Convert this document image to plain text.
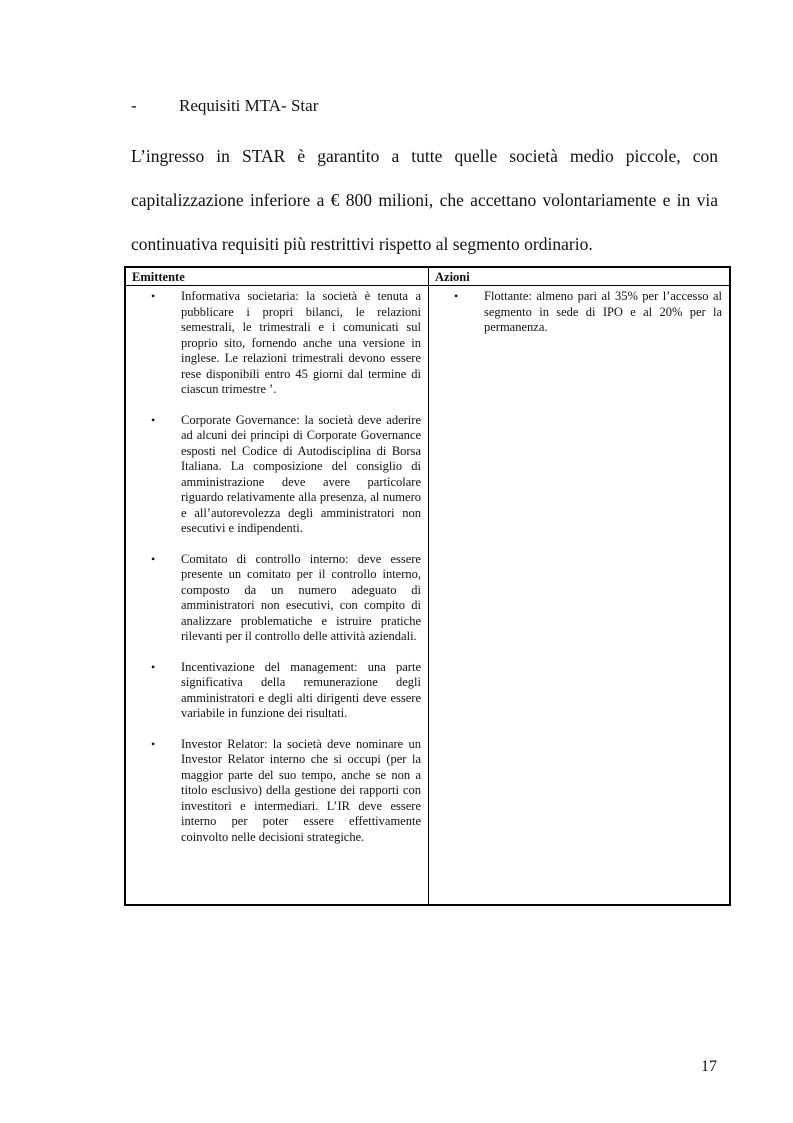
- Requisiti MTA- Star

L’ingresso in STAR è garantito a tutte quelle società medio piccole, con capitalizzazione inferiore a € 800 milioni, che accettano volontariamente e in via continuativa requisiti più restrittivi rispetto al segmento ordinario.

Emittente	Azioni
• Informativa societaria: la società è tenuta a pubblicare i propri bilanci, le relazioni semestrali, le trimestrali e i comunicati sul proprio sito, fornendo anche una versione in inglese. Le relazioni trimestrali devono essere rese disponibili entro 45 giorni dal termine di ciascun trimestre ’.
• Corporate Governance: la società deve aderire ad alcuni dei principi di Corporate Governance esposti nel Codice di Autodisciplina di Borsa Italiana. La composizione del consiglio di amministrazione deve avere particolare riguardo relativamente alla presenza, al numero e all’autorevolezza degli amministratori non esecutivi e indipendenti.
• Comitato di controllo interno: deve essere presente un comitato per il controllo interno, composto da un numero adeguato di amministratori non esecutivi, con compito di analizzare problematiche e istruire pratiche rilevanti per il controllo delle attività aziendali.
• Incentivazione del management: una parte significativa della remunerazione degli amministratori e degli alti dirigenti deve essere variabile in funzione dei risultati.
• Investor Relator: la società deve nominare un Investor Relator interno che si occupi (per la maggior parte del suo tempo, anche se non a titolo esclusivo) della gestione dei rapporti con investitori e intermediari. L’IR deve essere interno per poter essere effettivamente coinvolto nelle decisioni strategiche.
• Flottante: almeno pari al 35% per l’accesso al segmento in sede di IPO e al 20% per la permanenza.
17
